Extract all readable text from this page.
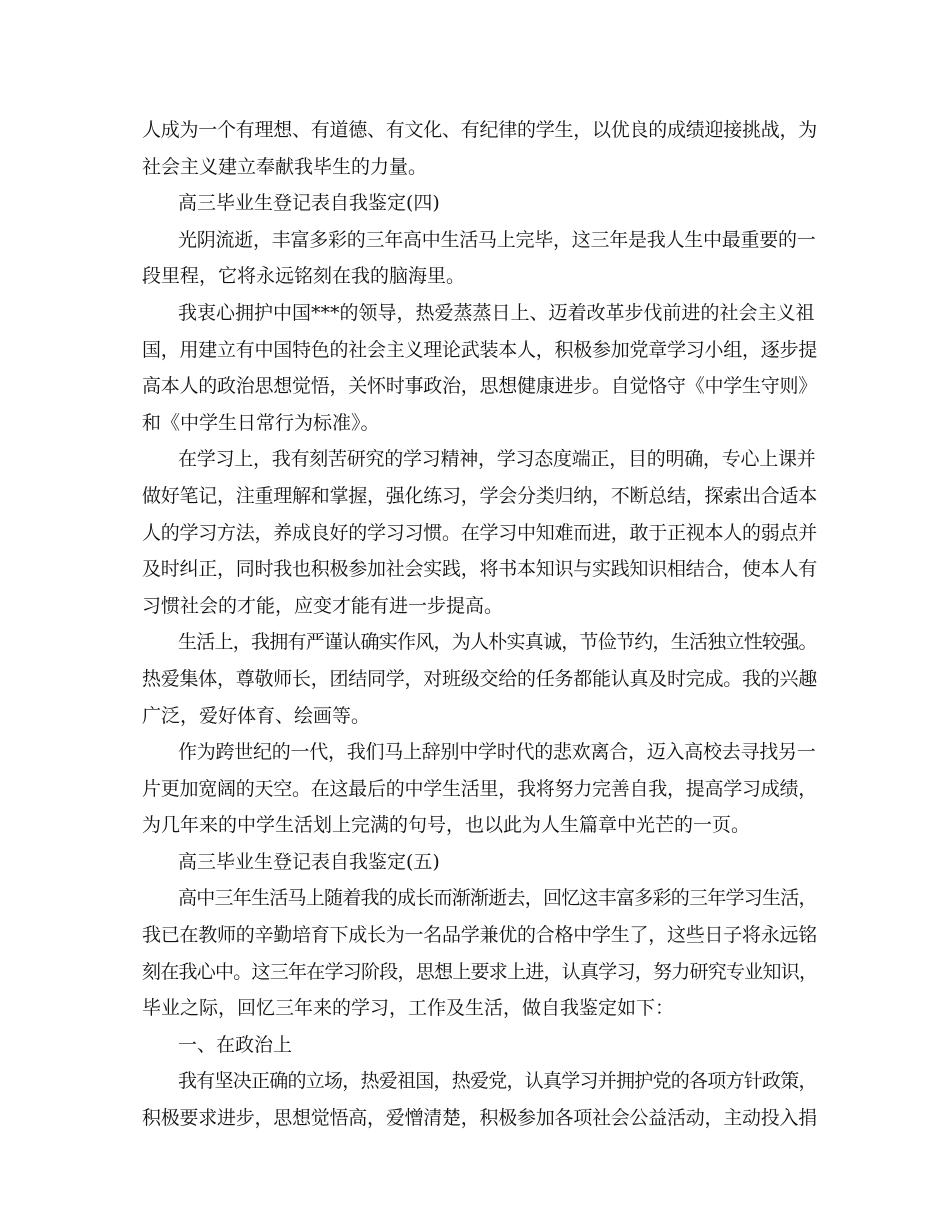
人成为一个有理想、有道德、有文化、有纪律的学生，以优良的成绩迎接挑战，为
社会主义建立奉献我毕生的力量。
高三毕业生登记表自我鉴定(四)
光阴流逝，丰富多彩的三年高中生活马上完毕，这三年是我人生中最重要的一
段里程，它将永远铭刻在我的脑海里。
我衷心拥护中国***的领导，热爱蒸蒸日上、迈着改革步伐前进的社会主义祖
国，用建立有中国特色的社会主义理论武装本人，积极参加党章学习小组，逐步提
高本人的政治思想觉悟，关怀时事政治，思想健康进步。自觉恪守《中学生守则》
和《中学生日常行为标准》。
在学习上，我有刻苦研究的学习精神，学习态度端正，目的明确，专心上课并
做好笔记，注重理解和掌握，强化练习，学会分类归纳，不断总结，探索出合适本
人的学习方法，养成良好的学习习惯。在学习中知难而进，敢于正视本人的弱点并
及时纠正，同时我也积极参加社会实践，将书本知识与实践知识相结合，使本人有
习惯社会的才能，应变才能有进一步提高。
生活上，我拥有严谨认确实作风，为人朴实真诚，节俭节约，生活独立性较强。
热爱集体，尊敬师长，团结同学，对班级交给的任务都能认真及时完成。我的兴趣
广泛，爱好体育、绘画等。
作为跨世纪的一代，我们马上辞别中学时代的悲欢离合，迈入高校去寻找另一
片更加宽阔的天空。在这最后的中学生活里，我将努力完善自我，提高学习成绩，
为几年来的中学生活划上完满的句号，也以此为人生篇章中光芒的一页。
高三毕业生登记表自我鉴定(五)
高中三年生活马上随着我的成长而渐渐逝去，回忆这丰富多彩的三年学习生活，
我已在教师的辛勤培育下成长为一名品学兼优的合格中学生了，这些日子将永远铭
刻在我心中。这三年在学习阶段，思想上要求上进，认真学习，努力研究专业知识，
毕业之际，回忆三年来的学习，工作及生活，做自我鉴定如下：
一、在政治上
我有坚决正确的立场，热爱祖国，热爱党，认真学习并拥护党的各项方针政策，
积极要求进步，思想觉悟高，爱憎清楚，积极参加各项社会公益活动，主动投入捐
